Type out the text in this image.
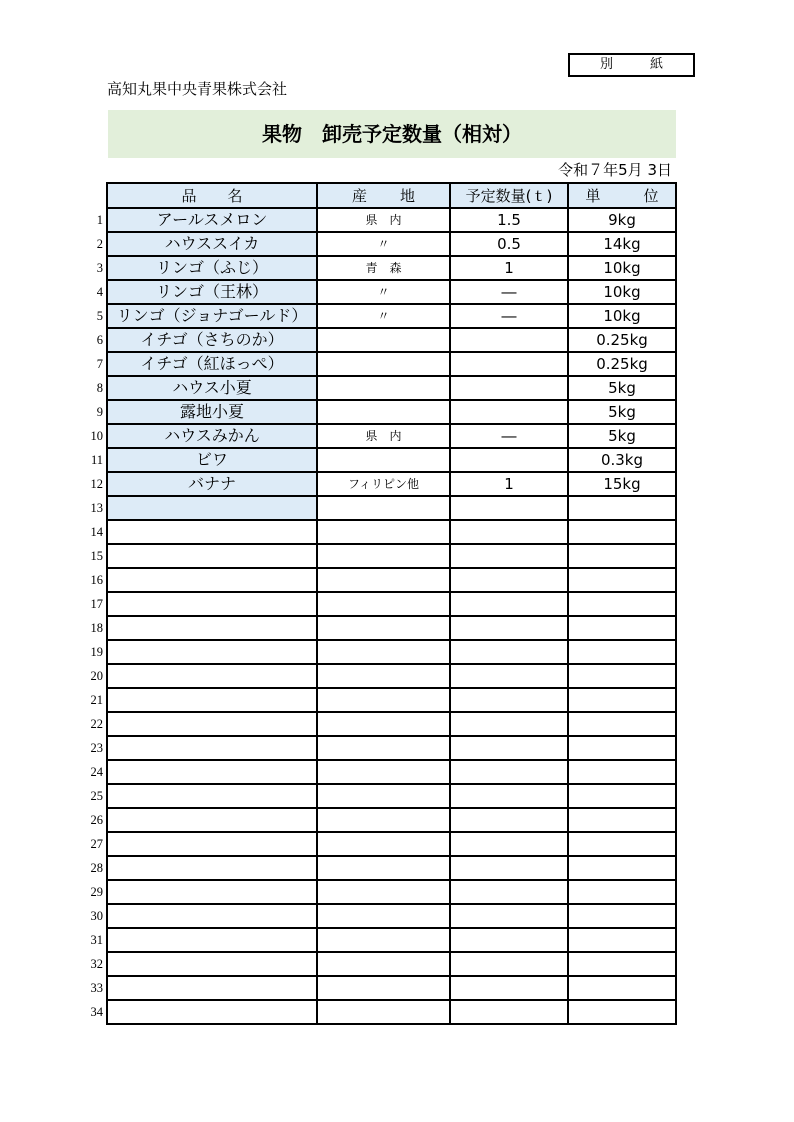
別　紙
高知丸果中央青果株式会社
果物　卸売予定数量（相対）
令和７年5月 3日
	品　名	産　地	予定数量(ｔ)	単　位
1	アールスメロン	県　内	1.5	9kg
2	ハウススイカ	〃	0.5	14kg
3	リンゴ（ふじ）	青　森	1	10kg
4	リンゴ（王林）	〃	―	10kg
5	リンゴ（ジョナゴールド）	〃	―	10kg
6	イチゴ（さちのか）			0.25kg
7	イチゴ（紅ほっぺ）			0.25kg
8	ハウス小夏			5kg
9	露地小夏			5kg
10	ハウスみかん	県　内	―	5kg
11	ビワ			0.3kg
12	バナナ	フィリピン他	1	15kg
13				
14				
15				
16				
17				
18				
19				
20				
21				
22				
23				
24				
25				
26				
27				
28				
29				
30				
31				
32				
33				
34				
